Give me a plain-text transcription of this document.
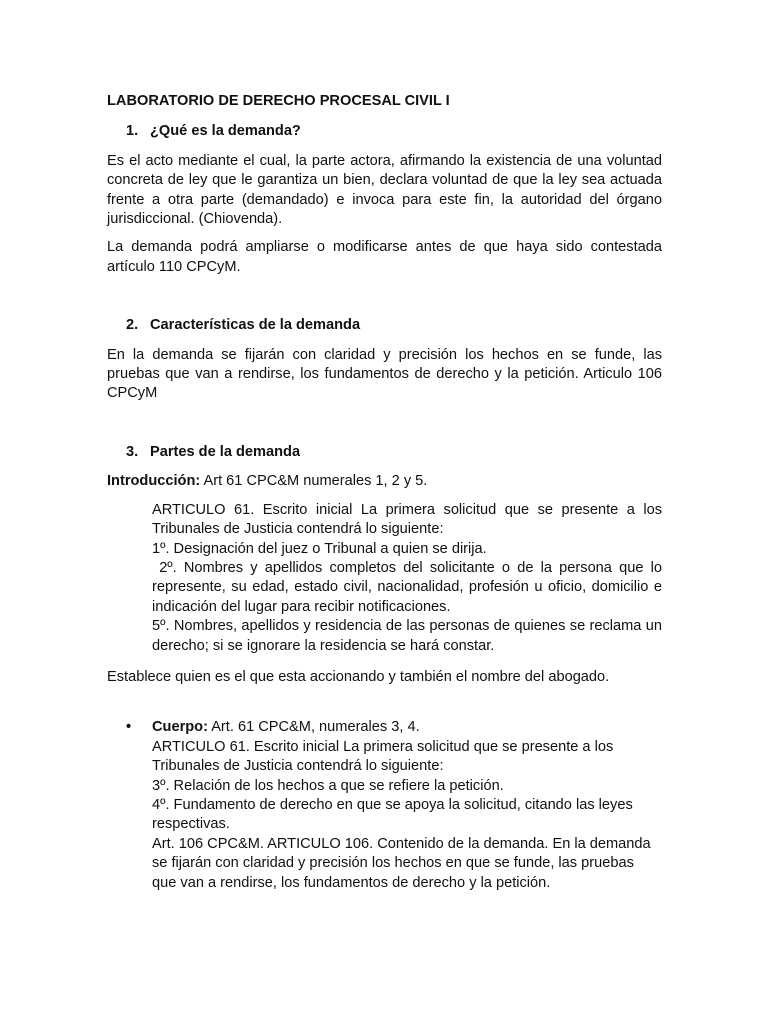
LABORATORIO DE DERECHO PROCESAL CIVIL I
1. ¿Qué es la demanda?

Es el acto mediante el cual, la parte actora, afirmando la existencia de una voluntad concreta de ley que le garantiza un bien, declara voluntad de que la ley sea actuada frente a otra parte (demandado) e invoca para este fin, la autoridad del órgano jurisdiccional. (Chiovenda).

La demanda podrá ampliarse o modificarse antes de que haya sido contestada artículo 110 CPCyM.

2. Características de la demanda

En la demanda se fijarán con claridad y precisión los hechos en se funde, las pruebas que van a rendirse, los fundamentos de derecho y la petición. Articulo 106 CPCyM

3. Partes de la demanda

Introducción: Art 61 CPC&M numerales 1, 2 y 5.

ARTICULO 61. Escrito inicial La primera solicitud que se presente a los Tribunales de Justicia contendrá lo siguiente:
1º. Designación del juez o Tribunal a quien se dirija.
2º. Nombres y apellidos completos del solicitante o de la persona que lo represente, su edad, estado civil, nacionalidad, profesión u oficio, domicilio e indicación del lugar para recibir notificaciones.
5º. Nombres, apellidos y residencia de las personas de quienes se reclama un derecho; si se ignorare la residencia se hará constar.

Establece quien es el que esta accionando y también el nombre del abogado.

• Cuerpo: Art. 61 CPC&M, numerales 3, 4.
ARTICULO 61. Escrito inicial La primera solicitud que se presente a los Tribunales de Justicia contendrá lo siguiente:
3º. Relación de los hechos a que se refiere la petición.
4º. Fundamento de derecho en que se apoya la solicitud, citando las leyes respectivas.
Art. 106 CPC&M. ARTICULO 106. Contenido de la demanda. En la demanda se fijarán con claridad y precisión los hechos en que se funde, las pruebas que van a rendirse, los fundamentos de derecho y la petición.
